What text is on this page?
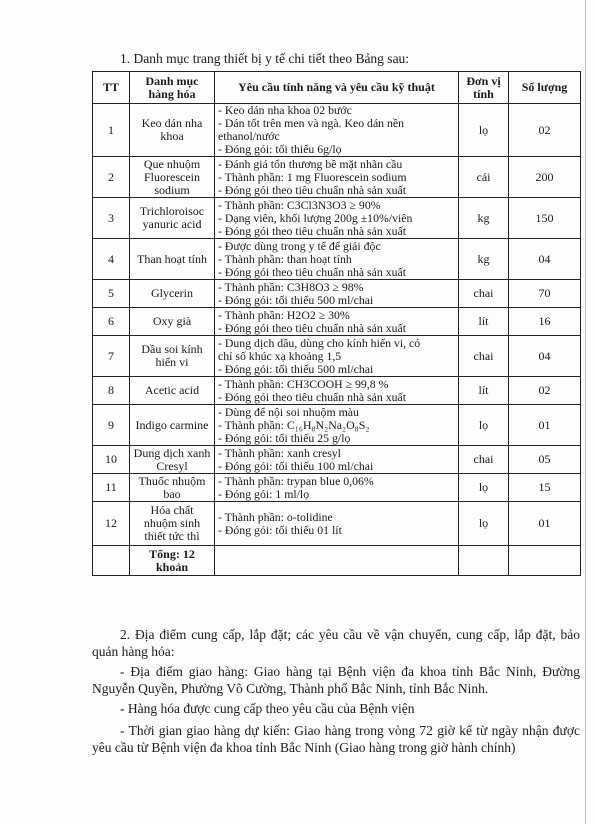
1. Danh mục trang thiết bị y tế chi tiết theo Bảng sau:
TT	Danh mục hàng hóa	Yêu cầu tính năng và yêu cầu kỹ thuật	Đơn vị tính	Số lượng
1	Keo dán nha khoa	- Keo dán nha khoa 02 bước
- Dán tốt trên men và ngà. Keo dán nền
ethanol/nước
- Đóng gói: tối thiểu 6g/lọ	lọ	02
2	Que nhuộm Fluorescein sodium	- Đánh giá tổn thương bề mặt nhãn cầu
- Thành phần: 1 mg Fluorescein sodium
- Đóng gói theo tiêu chuẩn nhà sản xuất	cái	200
3	Trichloroisoc yanuric acid	- Thành phần: C3Cl3N3O3 ≥ 90%
- Dạng viên, khối lượng 200g ±10%/viên
- Đóng gói theo tiêu chuẩn nhà sản xuất	kg	150
4	Than hoạt tính	- Được dùng trong y tế để giải độc
- Thành phần: than hoạt tính
- Đóng gói theo tiêu chuẩn nhà sản xuất	kg	04
5	Glycerin	- Thành phần: C3H8O3 ≥ 98%
- Đóng gói: tối thiểu 500 ml/chai	chai	70
6	Oxy già	- Thành phần: H2O2 ≥ 30%
- Đóng gói theo tiêu chuẩn nhà sản xuất	lít	16
7	Dầu soi kính hiển vi	- Dung dịch dầu, dùng cho kính hiển vi, có
chỉ số khúc xạ khoảng 1,5
- Đóng gói: tối thiểu 500 ml/chai	chai	04
8	Acetic acid	- Thành phần: CH3COOH ≥ 99,8 %
- Đóng gói theo tiêu chuẩn nhà sản xuất	lít	02
9	Indigo carmine	- Dùng để nội soi nhuộm màu
- Thành phần: C₁₆H₈N₂Na₂O₈S₂
- Đóng gói: tối thiểu 25 g/lọ	lọ	01
10	Dung dịch xanh Cresyl	- Thành phần: xanh cresyl
- Đóng gói: tối thiểu 100 ml/chai	chai	05
11	Thuốc nhuộm bao	- Thành phần: trypan blue 0,06%
- Đóng gói: 1 ml/lọ	lọ	15
12	Hóa chất nhuộm sinh thiết tức thì	- Thành phần: o-tolidine
- Đóng gói: tối thiểu 01 lít	lọ	01
	Tổng: 12 khoản			
2. Địa điểm cung cấp, lắp đặt; các yêu cầu về vận chuyển, cung cấp, lắp đặt, bảo quản hàng hóa:
- Địa điểm giao hàng: Giao hàng tại Bệnh viện đa khoa tỉnh Bắc Ninh, Đường Nguyễn Quyền, Phường Võ Cường, Thành phố Bắc Ninh, tỉnh Bắc Ninh.
- Hàng hóa được cung cấp theo yêu cầu của Bệnh viện
- Thời gian giao hàng dự kiến: Giao hàng trong vòng 72 giờ kể từ ngày nhận được yêu cầu từ Bệnh viện đa khoa tỉnh Bắc Ninh (Giao hàng trong giờ hành chính)
